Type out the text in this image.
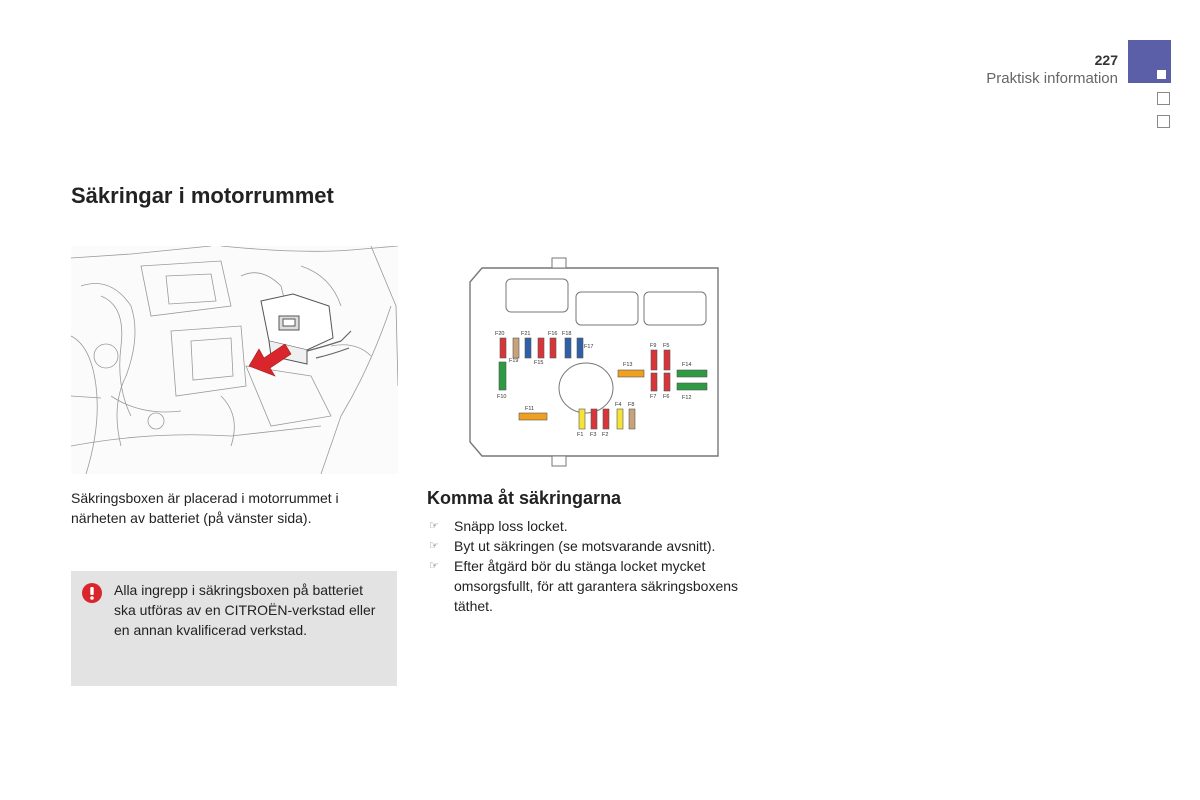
227
Praktisk information
Säkringar i motorrummet
F20	F21	F16 F18
F17
F19	F15
F10
F13
F9 F5
F7 F6
F14
F12
F11
F1 F3 F2
F4 F8

Säkringsboxen är placerad i motorrummet i närheten av batteriet (på vänster sida).

Alla ingrepp i säkringsboxen på batteriet ska utföras av en CITROËN-verkstad eller en annan kvalificerad verkstad.

Komma åt säkringarna
☞ Snäpp loss locket.
☞ Byt ut säkringen (se motsvarande avsnitt).
☞ Efter åtgärd bör du stänga locket mycket omsorgsfullt, för att garantera säkringsboxens täthet.
